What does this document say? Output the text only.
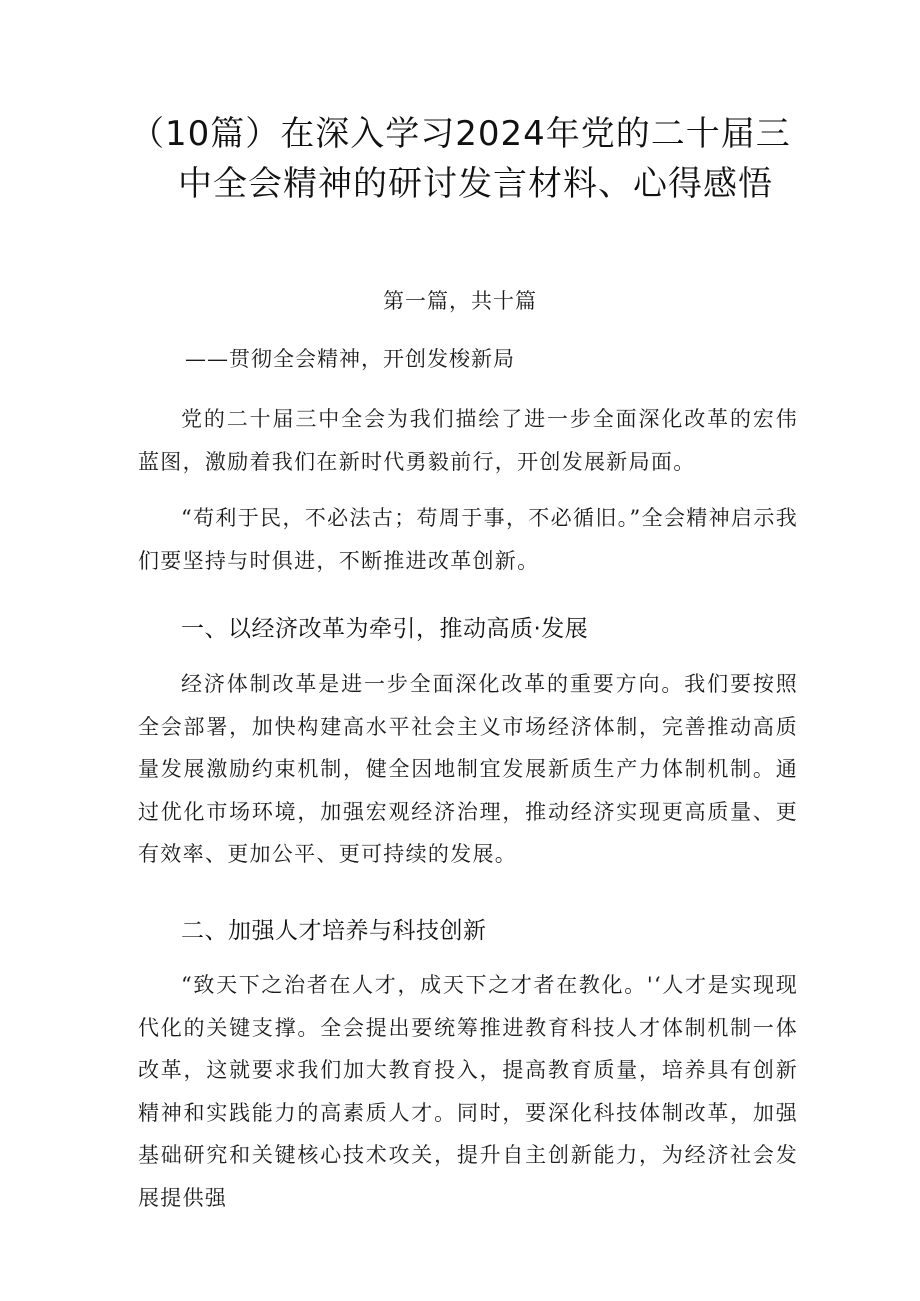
（10篇）在深入学习2024年党的二十届三
中全会精神的研讨发言材料、心得感悟
第一篇，共十篇
——贯彻全会精神，开创发梭新局
党的二十届三中全会为我们描绘了进一步全面深化改革的宏伟蓝图，激励着我们在新时代勇毅前行，开创发展新局面。
“苟利于民，不必法古；苟周于事，不必循旧。”全会精神启示我们要坚持与时俱进，不断推进改革创新。
一、以经济改革为牵引，推动高质·发展
经济体制改革是进一步全面深化改革的重要方向。我们要按照全会部署，加快构建高水平社会主义市场经济体制，完善推动高质量发展激励约束机制，健全因地制宜发展新质生产力体制机制。通过优化市场环境，加强宏观经济治理，推动经济实现更高质量、更有效率、更加公平、更可持续的发展。
二、加强人才培养与科技创新
“致天下之治者在人才，成天下之才者在教化。'‘人才是实现现代化的关键支撑。全会提出要统筹推进教育科技人才体制机制一体改革，这就要求我们加大教育投入，提高教育质量，培养具有创新精神和实践能力的高素质人才。同时，要深化科技体制改革，加强基础研究和关键核心技术攻关，提升自主创新能力，为经济社会发展提供强
